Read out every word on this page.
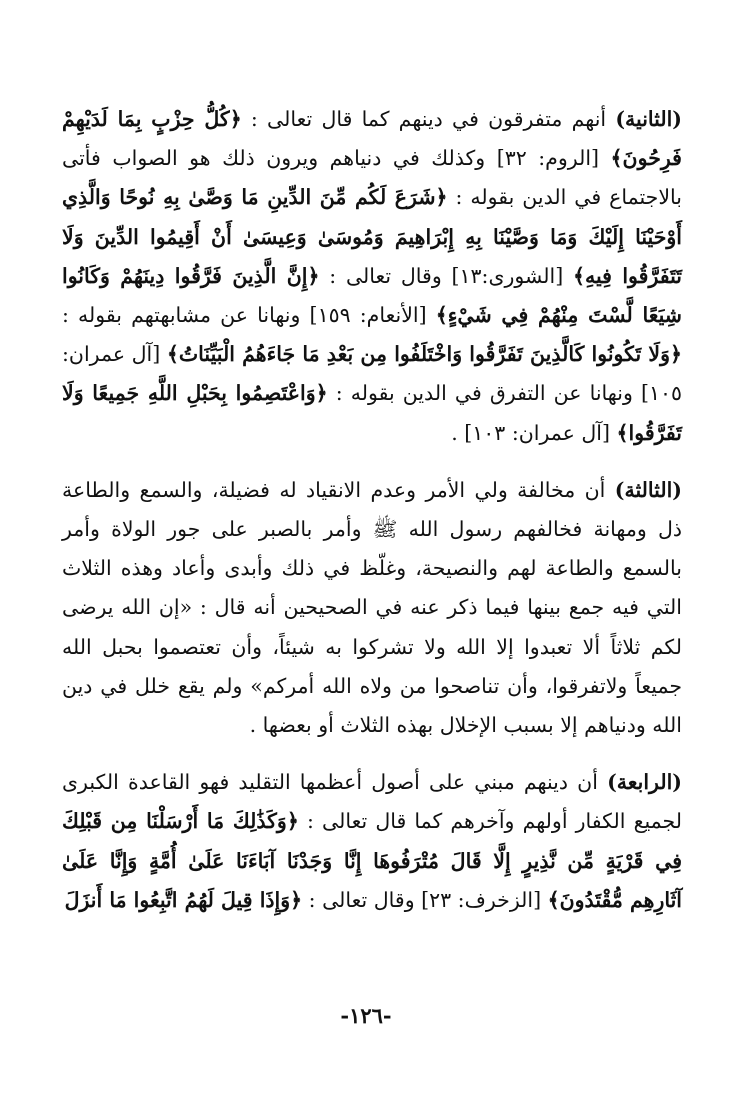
(الثانية) أنهم متفرقون في دينهم كما قال تعالى : ﴿كُلُّ حِزْبٍ بِمَا لَدَيْهِمْ فَرِحُونَ﴾ [الروم: ٣٢] وكذلك في دنياهم ويرون ذلك هو الصواب فأتى بالاجتماع في الدين بقوله : ﴿شَرَعَ لَكُم مِّنَ الدِّينِ مَا وَصَّىٰ بِهِ نُوحًا وَالَّذِي أَوْحَيْنَا إِلَيْكَ وَمَا وَصَّيْنَا بِهِ إِبْرَاهِيمَ وَمُوسَىٰ وَعِيسَىٰ أَنْ أَقِيمُوا الدِّينَ وَلَا تَتَفَرَّقُوا فِيهِ﴾ [الشورى:١٣] وقال تعالى : ﴿إِنَّ الَّذِينَ فَرَّقُوا دِينَهُمْ وَكَانُوا شِيَعًا لَّسْتَ مِنْهُمْ فِي شَيْءٍ﴾ [الأنعام: ١٥٩] ونهانا عن مشابهتهم بقوله : ﴿وَلَا تَكُونُوا كَالَّذِينَ تَفَرَّقُوا وَاخْتَلَفُوا مِن بَعْدِ مَا جَاءَهُمُ الْبَيِّنَاتُ﴾ [آل عمران: ١٠٥] ونهانا عن التفرق في الدين بقوله : ﴿وَاعْتَصِمُوا بِحَبْلِ اللَّهِ جَمِيعًا وَلَا تَفَرَّقُوا﴾ [آل عمران: ١٠٣] .

(الثالثة) أن مخالفة ولي الأمر وعدم الانقياد له فضيلة، والسمع والطاعة ذل ومهانة فخالفهم رسول الله ﷺ وأمر بالصبر على جور الولاة وأمر بالسمع والطاعة لهم والنصيحة، وغلّظ في ذلك وأبدى وأعاد وهذه الثلاث التي فيه جمع بينها فيما ذكر عنه في الصحيحين أنه قال : «إن الله يرضى لكم ثلاثاً ألا تعبدوا إلا الله ولا تشركوا به شيئاً، وأن تعتصموا بحبل الله جميعاً ولاتفرقوا، وأن تناصحوا من ولاه الله أمركم» ولم يقع خلل في دين الله ودنياهم إلا بسبب الإخلال بهذه الثلاث أو بعضها .

(الرابعة) أن دينهم مبني على أصول أعظمها التقليد فهو القاعدة الكبرى لجميع الكفار أولهم وآخرهم كما قال تعالى : ﴿وَكَذَٰلِكَ مَا أَرْسَلْنَا مِن قَبْلِكَ فِي قَرْيَةٍ مِّن نَّذِيرٍ إِلَّا قَالَ مُتْرَفُوهَا إِنَّا وَجَدْنَا آبَاءَنَا عَلَىٰ أُمَّةٍ وَإِنَّا عَلَىٰ آثَارِهِم مُّقْتَدُونَ﴾ [الزخرف: ٢٣] وقال تعالى : ﴿وَإِذَا قِيلَ لَهُمُ اتَّبِعُوا مَا أَنزَلَ

-١٢٦-
